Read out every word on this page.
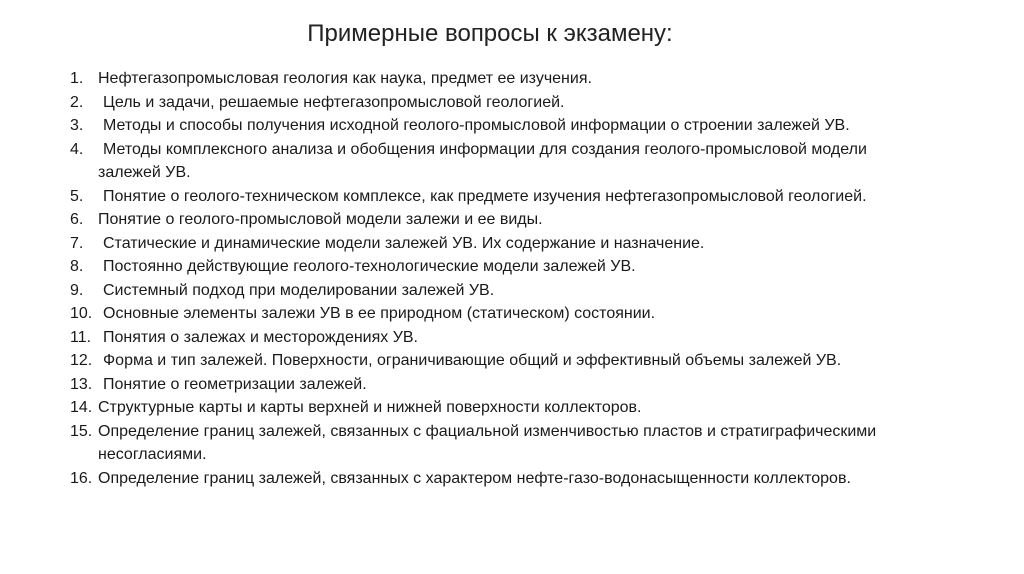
Примерные вопросы к экзамену:
1. Нефтегазопромысловая геология как наука, предмет ее изучения.
2.	Цель и задачи, решаемые нефтегазопромысловой геологией.
3.	Методы и способы получения исходной геолого-промысловой информации о строении залежей УВ.
4.	Методы комплексного анализа и обобщения информации для создания геолого-промысловой модели залежей УВ.
5.	Понятие о геолого-техническом комплексе, как предмете изучения нефтегазопромысловой геологией.
6. Понятие о геолого-промысловой модели залежи и ее виды.
7.	Статические и динамические модели залежей УВ. Их содержание и назначение.
8.	Постоянно действующие геолого-технологические модели залежей УВ.
9.	Системный подход при моделировании залежей УВ.
10. Основные элементы залежи УВ в ее природном (статическом) состоянии.
11. Понятия о залежах и месторождениях УВ.
12. Форма и тип залежей. Поверхности, ограничивающие общий и эффективный объемы залежей УВ.
13. Понятие о геометризации залежей.
14. Структурные карты и карты верхней и нижней поверхности коллекторов.
15. Определение границ залежей, связанных с фациальной изменчивостью пластов и стратиграфическими несогласиями.
16. Определение границ залежей, связанных с характером нефте-газо-водонасыщенности коллекторов.
